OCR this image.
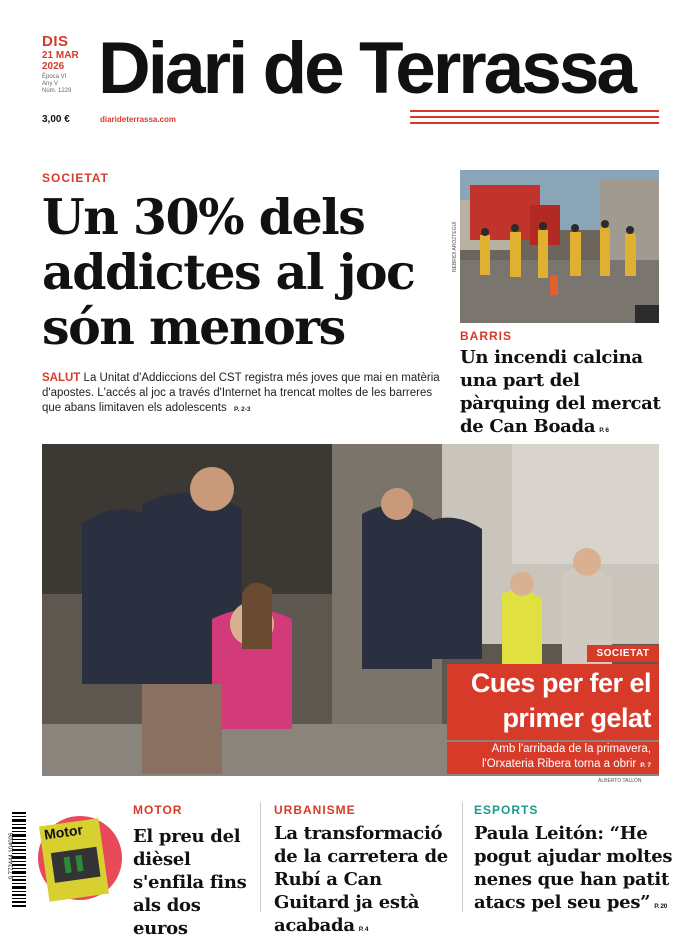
DIS
21 MAR 2026
Època VI
Any V
Núm. 1229
3,00 €
Diari de Terrassa
diarideterrassa.com
SOCIETAT
Un 30% dels addictes al joc són menors
SALUT La Unitat d'Addiccions del CST registra més joves que mai en matèria d'apostes. L'accés al joc a través d'Internet ha trencat moltes de les barreres que abans limitaven els adolescents P. 2-3
NEBRIDI AROZTEGUI
BARRIS
Un incendi calcina una part del pàrquing del mercat de Can Boada P. 6
SOCIETAT
Cues per fer el primer gelat
Amb l'arribada de la primavera, l'Orxateria Ribera torna a obrir P. 7
ALBERTO TALLÓN
9 772444 104026
Motor
MOTOR
El preu del dièsel s'enfila fins als dos euros
URBANISME
La transformació de la carretera de Rubí a Can Guitard ja està acabada P. 4
ESPORTS
Paula Leitón: “He pogut ajudar moltes nenes que han patit atacs pel seu pes” P. 20
